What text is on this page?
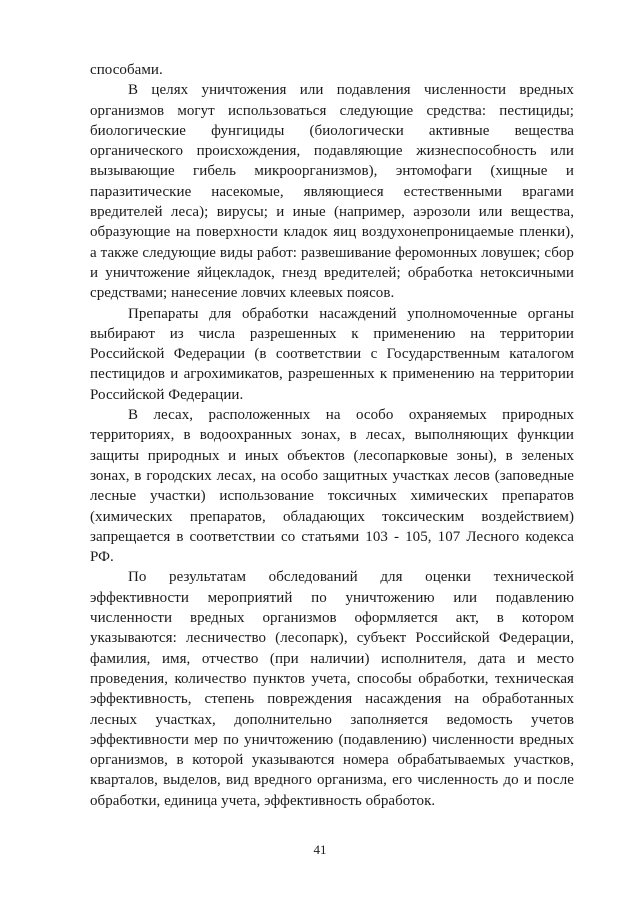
способами.

В целях уничтожения или подавления численности вредных организмов могут использоваться следующие средства: пестициды; биологические фунгициды (биологически активные вещества органического происхождения, подавляющие жизнеспособность или вызывающие гибель микроорганизмов), энтомофаги (хищные и паразитические насекомые, являющиеся естественными врагами вредителей леса); вирусы; и иные (например, аэрозоли или вещества, образующие на поверхности кладок яиц воздухонепроницаемые пленки), а также следующие виды работ: развешивание феромонных ловушек; сбор и уничтожение яйцекладок, гнезд вредителей; обработка нетоксичными средствами; нанесение ловчих клеевых поясов.

Препараты для обработки насаждений уполномоченные органы выбирают из числа разрешенных к применению на территории Российской Федерации (в соответствии с Государственным каталогом пестицидов и агрохимикатов, разрешенных к применению на территории Российской Федерации.

В лесах, расположенных на особо охраняемых природных территориях, в водоохранных зонах, в лесах, выполняющих функции защиты природных и иных объектов (лесопарковые зоны), в зеленых зонах, в городских лесах, на особо защитных участках лесов (заповедные лесные участки) использование токсичных химических препаратов (химических препаратов, обладающих токсическим воздействием) запрещается в соответствии со статьями 103 - 105, 107 Лесного кодекса РФ.

По результатам обследований для оценки технической эффективности мероприятий по уничтожению или подавлению численности вредных организмов оформляется акт, в котором указываются: лесничество (лесопарк), субъект Российской Федерации, фамилия, имя, отчество (при наличии) исполнителя, дата и место проведения, количество пунктов учета, способы обработки, техническая эффективность, степень повреждения насаждения на обработанных лесных участках, дополнительно заполняется ведомость учетов эффективности мер по уничтожению (подавлению) численности вредных организмов, в которой указываются номера обрабатываемых участков, кварталов, выделов, вид вредного организма, его численность до и после обработки, единица учета, эффективность обработок.

41
